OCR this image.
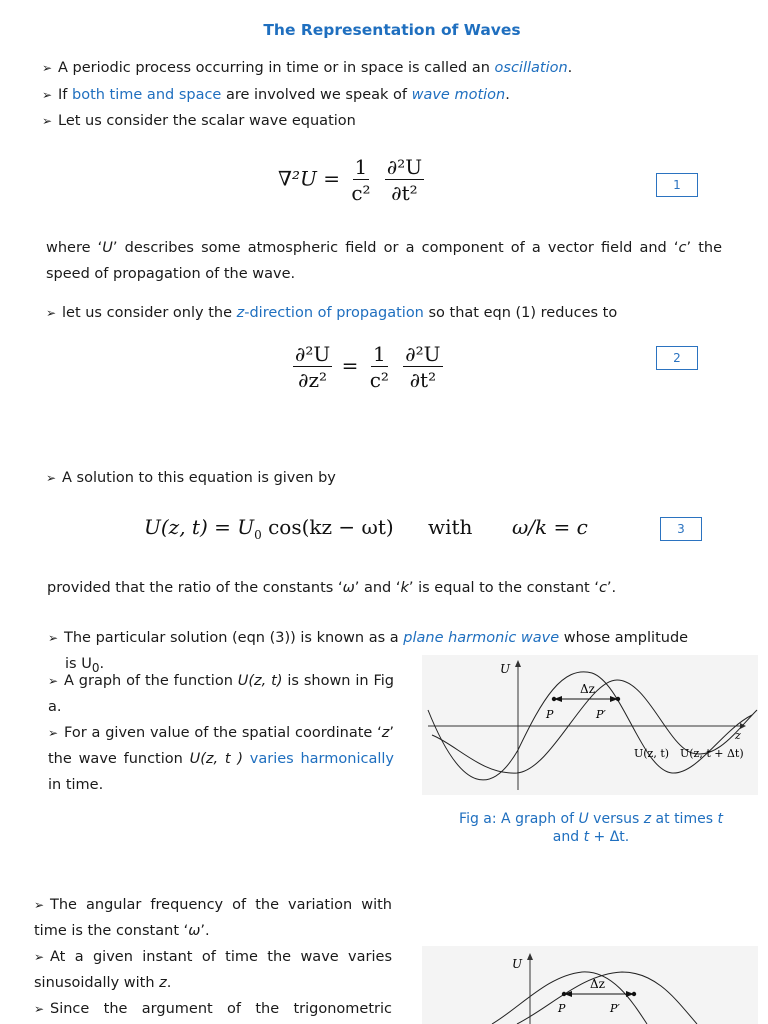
The Representation of Waves
➢ A periodic process occurring in time or in space is called an oscillation.
➢ If both time and space are involved we speak of wave motion.
➢ Let us consider the scalar wave equation
$\nabla^2U = \frac{1}{\text{c²}}$
$\frac{\text{∂²U}}{\text{∂t²}}$	1
where ‘U’ describes some atmospheric field or a component of a vector field and ‘c’ the speed of propagation of the wave.
➢ let us consider only the z-direction of propagation so that eqn (1) reduces to
$\frac{\text{∂²U}}{\text{∂z²}} = \frac{1}{\text{c²}}$
$\frac{\text{∂²U}}{\text{∂t²}}$	2
➢ A solution to this equation is given by
U(z, $t) = U_0$ cos(kz − ωt) with ω/k = c	3
provided that the ratio of the constants ‘ω’ and ‘k’ is equal to the constant ‘c’.
➢ The particular solution (eqn (3)) is known as a plane harmonic wave whose amplitude
is $U_0$.
➢ A graph of the function U(z, t) is shown in Fig a.
➢ For a given value of the spatial coordinate ‘z’ the wave function U(z, t ) varies harmonically in time.
U
Δz
P	P′
z
U(z, t) U(z, t + Δt)
Fig a: A graph of U versus z at times t
and t + Δt.
➢ The angular frequency of the variation with time is the constant ‘ω’.
➢ At a given instant of time the wave varies sinusoidally with z.
➢ Since the argument of the trigonometric
U
Δz
P	P′
